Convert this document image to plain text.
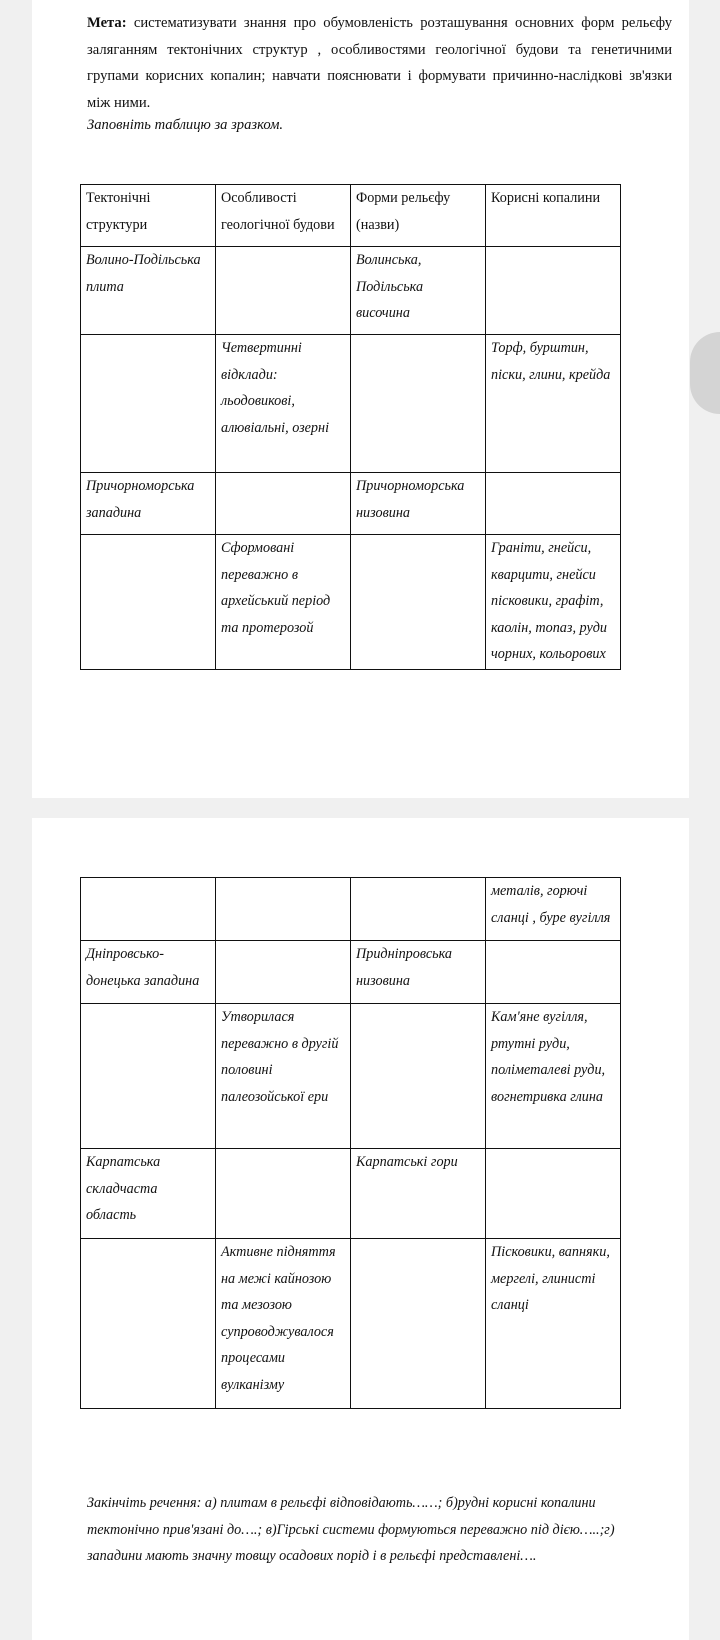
Мета: систематизувати знання про обумовленість розташування основних форм рельєфу заляганням тектонічних структур , особливостями геологічної будови та генетичними групами корисних копалин; навчати пояснювати і формувати причинно-наслідкові зв'язки між ними.
Заповніть таблицю за зразком.
Тектонічні структури	Особливості геологічної будови	Форми рельєфу (назви)	Корисні копалини
Волино-Подільська плита		Волинська, Подільська височина	
	Четвертинні відклади: льодовикові, алювіальні, озерні		Торф, бурштин, піски, глини, крейда
Причорноморська западина		Причорноморська низовина	
	Сформовані переважно в архейський період та протерозой		Граніти, гнейси, кварцити, гнейси пісковики, графіт, каолін, топаз, руди чорних, кольорових
			металів, горючі сланці , буре вугілля
Дніпровсько-донецька западина		Придніпровська низовина	
	Утворилася переважно в другій половині палеозойської ери		Кам'яне вугілля, ртутні руди, поліметалеві руди, вогнетривка глина
Карпатська складчаста область		Карпатські гори	
	Активне підняття на межі кайнозою та мезозою супроводжувалося процесами вулканізму		Пісковики, вапняки, мергелі, глинисті сланці
Закінчіть речення: а) плитам в рельєфі відповідають……; б)рудні корисні копалини тектонічно прив'язані до….; в)Гірські системи формуються переважно під дією…..;г) западини мають значну товщу осадових порід і в рельєфі представлені….
